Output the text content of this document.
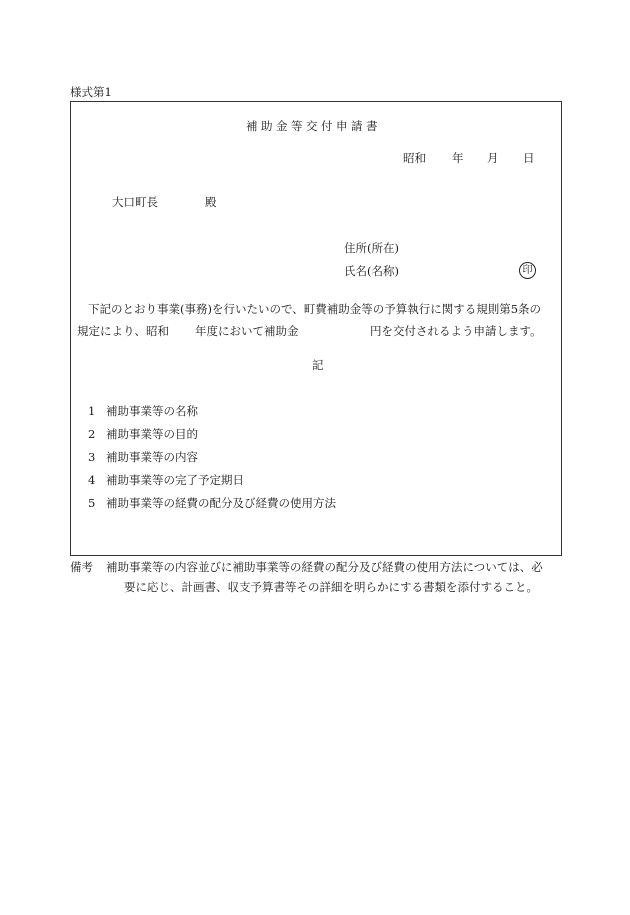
様式第1
補助金等交付申請書
昭和 年 月 日
大口町長	殿
住所(所在)
氏名(名称)	印
下記のとおり事業(事務)を行いたいので、町費補助金等の予算執行に関する規則第5条の
規定により、昭和 年度において補助金	円を交付されるよう申請します。
記
1 補助事業等の名称
2 補助事業等の目的
3 補助事業等の内容
4 補助事業等の完了予定期日
5 補助事業等の経費の配分及び経費の使用方法
備考 補助事業等の内容並びに補助事業等の経費の配分及び経費の使用方法については、必
要に応じ、計画書、収支予算書等その詳細を明らかにする書類を添付すること。
